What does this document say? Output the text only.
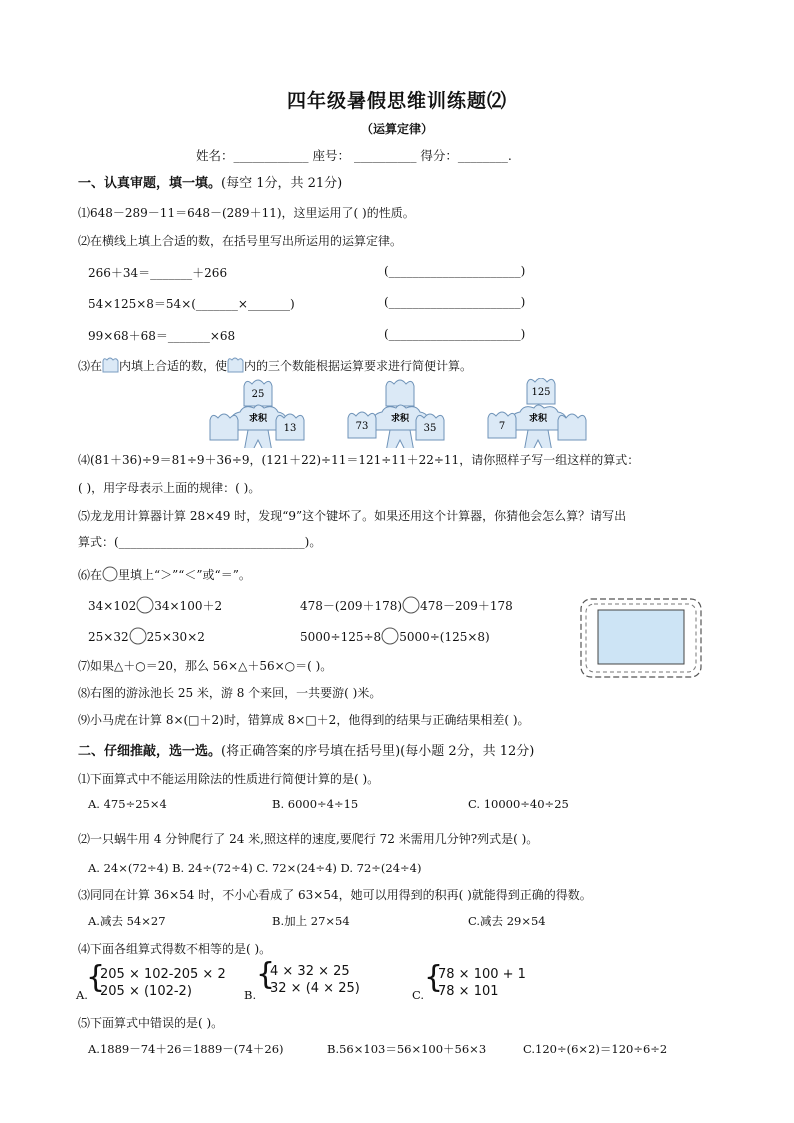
四年级暑假思维训练题⑵
（运算定律）
姓名：____________ 座号： __________ 得分：________.
一、认真审题，填一填。(每空 1分，共 21分)
⑴648－289－11＝648－(289＋11)，这里运用了( )的性质。
⑵在横线上填上合适的数，在括号里写出所运用的运算定律。
266＋34＝_______＋266	(______________________)
54×125×8＝54×(_______×_______)	(______________________)
99×68＋68＝_______×68	(______________________)
⑶在 内填上合适的数，使 内的三个数能根据运算要求进行简便计算。
25
13
求积
73	35
求积
125
7
求积
⑷(81＋36)÷9＝81÷9＋36÷9，(121＋22)÷11＝121÷11＋22÷11，请你照样子写一组这样的算式：
( )，用字母表示上面的规律：( )。
⑸龙龙用计算器计算 28×49 时，发现“9”这个键坏了。如果还用这个计算器，你猜他会怎么算？请写出
算式：(_______________________________)。
⑹在 里填上“＞”“＜”或“＝”。
34×102 34×100＋2	478－(209＋178) 478－209＋178
25×32 25×30×2	5000÷125÷8 5000÷(125×8)
⑺如果△＋○＝20，那么 56×△＋56×○＝( )。
⑻右图的游泳池长 25 米，游 8 个来回，一共要游( )米。
⑼小马虎在计算 8×(□＋2)时，错算成 8×□＋2，他得到的结果与正确结果相差( )。
二、仔细推敲，选一选。(将正确答案的序号填在括号里)(每小题 2分，共 12分)
⑴下面算式中不能运用除法的性质进行简便计算的是( )。
A. 475÷25×4	B. 6000÷4÷15	C. 10000÷40÷25
⑵一只蜗牛用 4 分钟爬行了 24 米,照这样的速度,要爬行 72 米需用几分钟?列式是( )。
A. 24×(72÷4) B. 24÷(72÷4) C. 72×(24÷4) D. 72÷(24÷4)
⑶同同在计算 36×54 时，不小心看成了 63×54，她可以用得到的积再( )就能得到正确的得数。
A.减去 54×27	B.加上 27×54	C.减去 29×54
⑷下面各组算式得数不相等的是( )。
A.
{
205 × 102-205 × 2
205 × (102-2)	B.
{
4 × 32 × 25
32 × (4 × 25)	C. {
78 × 100 + 1
78 × 101
⑸下面算式中错误的是( )。
A.1889－74＋26＝1889－(74＋26)	B.56×103＝56×100＋56×3	C.120÷(6×2)＝120÷6÷2
